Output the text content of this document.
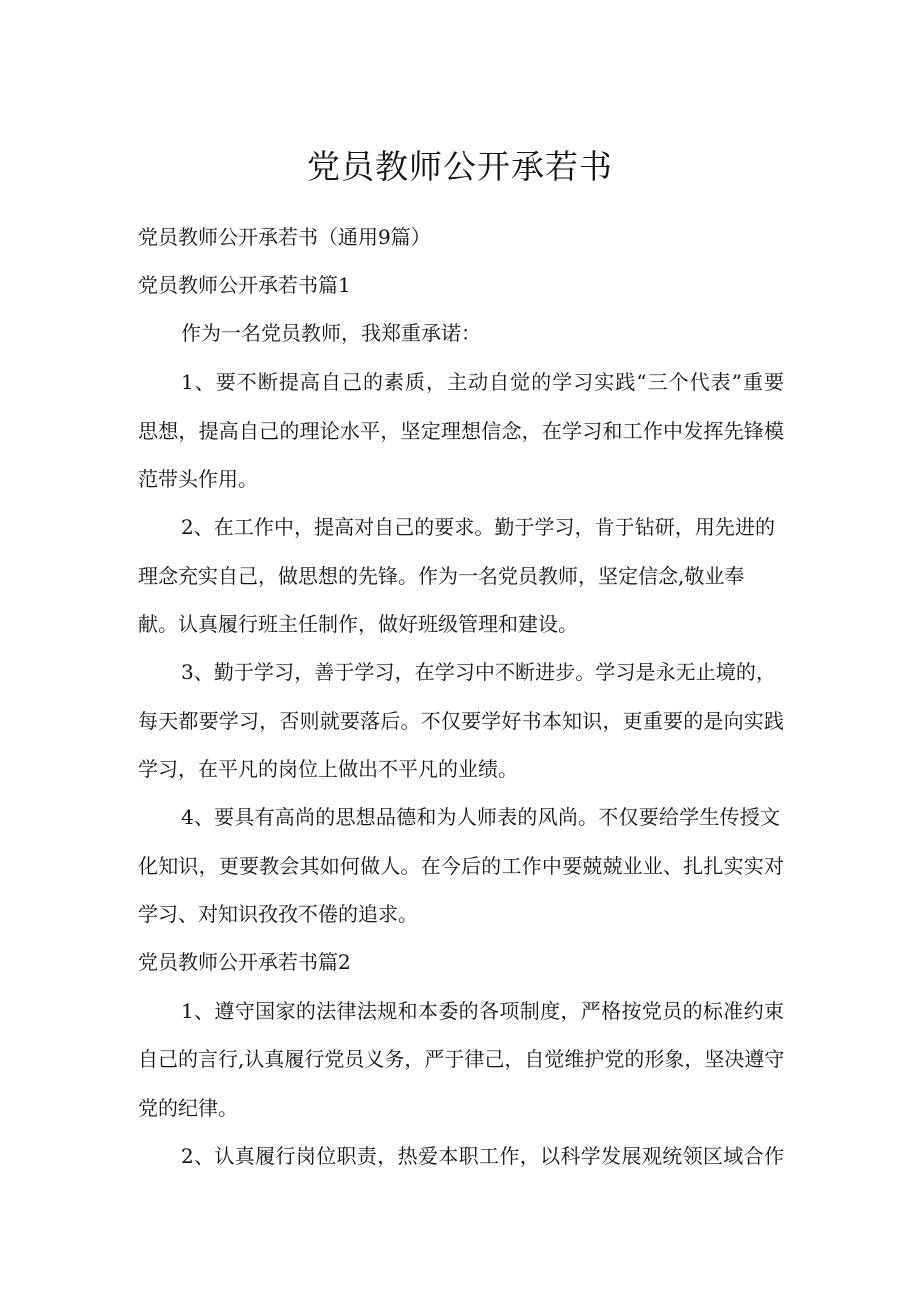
党员教师公开承若书

党员教师公开承若书（通用9篇）

党员教师公开承若书篇1

作为一名党员教师，我郑重承诺：

1、要不断提高自己的素质，主动自觉的学习实践“三个代表”重要

思想，提高自己的理论水平，坚定理想信念，在学习和工作中发挥先锋模

范带头作用。

2、在工作中，提高对自己的要求。勤于学习，肯于钻研，用先进的

理念充实自己，做思想的先锋。作为一名党员教师，坚定信念,敬业奉

献。认真履行班主任制作，做好班级管理和建设。

3、勤于学习，善于学习，在学习中不断进步。学习是永无止境的，

每天都要学习，否则就要落后。不仅要学好书本知识，更重要的是向实践

学习，在平凡的岗位上做出不平凡的业绩。

4、要具有高尚的思想品德和为人师表的风尚。不仅要给学生传授文

化知识，更要教会其如何做人。在今后的工作中要兢兢业业、扎扎实实对

学习、对知识孜孜不倦的追求。

党员教师公开承若书篇2

1、遵守国家的法律法规和本委的各项制度，严格按党员的标准约束

自己的言行,认真履行党员义务，严于律己，自觉维护党的形象，坚决遵守

党的纪律。

2、认真履行岗位职责，热爱本职工作，以科学发展观统领区域合作
